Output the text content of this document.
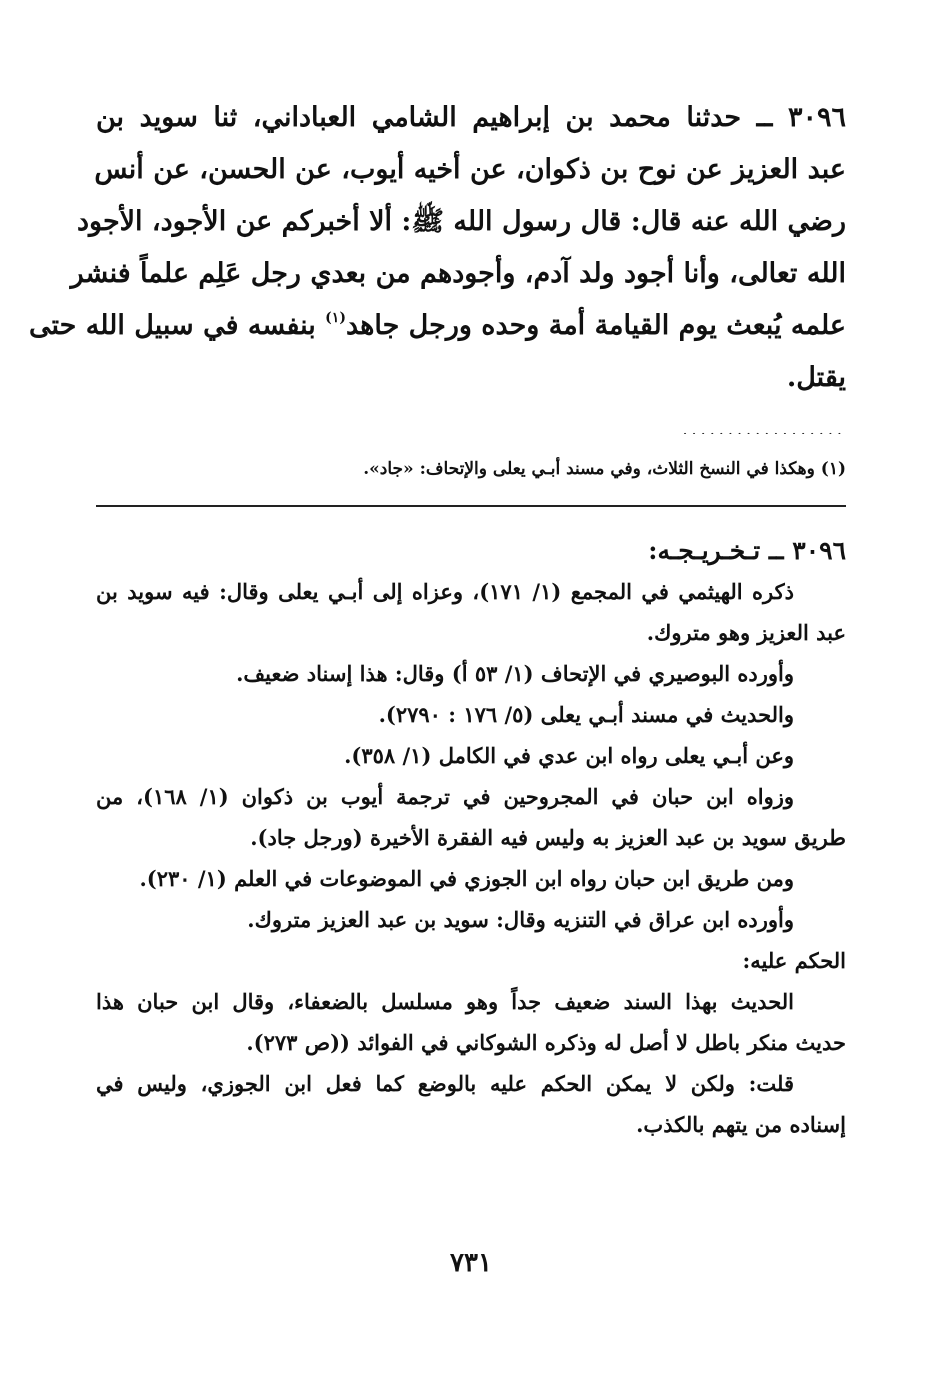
٣٠٩٦ ــ حدثنا محمد بن إبراهيم الشامي العباداني، ثنا سويد بن
عبد العزيز عن نوح بن ذكوان، عن أخيه أيوب، عن الحسن، عن أنس
رضي الله عنه قال: قال رسول الله ﷺ: ألا أخبركم عن الأجود، الأجود
الله تعالى، وأنا أجود ولد آدم، وأجودهم من بعدي رجل عَلِم علماً فنشر
علمه يُبعث يوم القيامة أمة وحده ورجل جاهد$^{(١)}$ بنفسه في سبيل الله حتى
يقتل.
..................
(١) وهكذا في النسخ الثلاث، وفي مسند أبـي يعلى والإتحاف: «جاد».
٣٠٩٦ ــ تـخـريـجـه:
ذكره الهيثمي في المجمع (١/ ١٧١)، وعزاه إلى أبـي يعلى وقال: فيه سويد بن
عبد العزيز وهو متروك.
وأورده البوصيري في الإتحاف (١/ ٥٣ أ) وقال: هذا إسناد ضعيف.
والحديث في مسند أبـي يعلى (٥/ ١٧٦ : ٢٧٩٠).
وعن أبـي يعلى رواه ابن عدي في الكامل (١/ ٣٥٨).
وزواه ابن حبان في المجروحين في ترجمة أيوب بن ذكوان (١/ ١٦٨)، من
طريق سويد بن عبد العزيز به وليس فيه الفقرة الأخيرة (ورجل جاد).
ومن طريق ابن حبان رواه ابن الجوزي في الموضوعات في العلم (١/ ٢٣٠).
وأورده ابن عراق في التنزيه وقال: سويد بن عبد العزيز متروك.
الحكم عليه:
الحديث بهذا السند ضعيف جداً وهو مسلسل بالضعفاء، وقال ابن حبان هذا
حديث منكر باطل لا أصل له وذكره الشوكاني في الفوائد ((ص ٢٧٣).
قلت: ولكن لا يمكن الحكم عليه بالوضع كما فعل ابن الجوزي، وليس في
إسناده من يتهم بالكذب.
٧٣١
